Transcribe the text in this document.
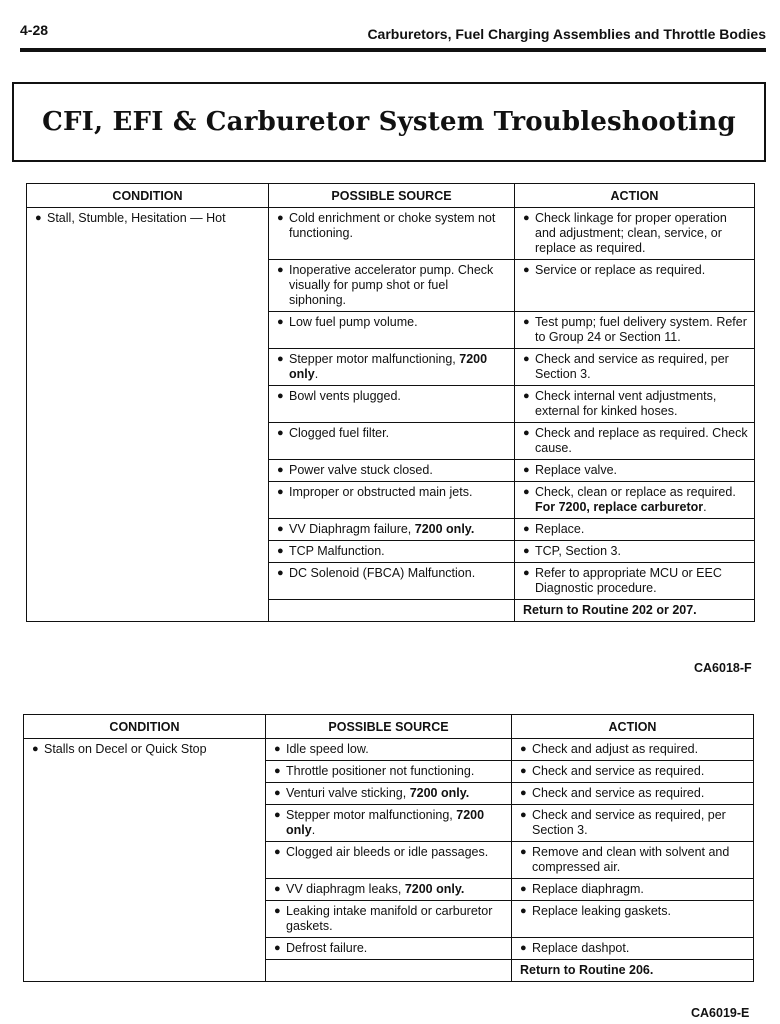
4-28	Carburetors, Fuel Charging Assemblies and Throttle Bodies
CFI, EFI & Carburetor System Troubleshooting
CONDITION	POSSIBLE SOURCE	ACTION

● Stall, Stumble, Hesitation — Hot	● Cold enrichment or choke system not functioning.	● Check linkage for proper operation and adjustment; clean, service, or replace as required.

	● Inoperative accelerator pump. Check visually for pump shot or fuel siphoning.	● Service or replace as required.

	● Low fuel pump volume.	● Test pump; fuel delivery system. Refer to Group 24 or Section 11.

	● Stepper motor malfunctioning, 7200 only.	● Check and service as required, per Section 3.

	● Bowl vents plugged.	● Check internal vent adjustments, external for kinked hoses.

	● Clogged fuel filter.	● Check and replace as required. Check cause.

	● Power valve stuck closed.	● Replace valve.

	● Improper or obstructed main jets.	● Check, clean or replace as required. For 7200, replace carburetor.

	● VV Diaphragm failure, 7200 only.	● Replace.

	● TCP Malfunction.	● TCP, Section 3.

	● DC Solenoid (FBCA) Malfunction.	● Refer to appropriate MCU or EEC Diagnostic procedure.

		Return to Routine 202 or 207.
CA6018-F
CONDITION	POSSIBLE SOURCE	ACTION

● Stalls on Decel or Quick Stop	● Idle speed low.	● Check and adjust as required.

	● Throttle positioner not functioning.	● Check and service as required.

	● Venturi valve sticking, 7200 only.	● Check and service as required.

	● Stepper motor malfunctioning, 7200 only.	● Check and service as required, per Section 3.

	● Clogged air bleeds or idle passages.	● Remove and clean with solvent and compressed air.

	● VV diaphragm leaks, 7200 only.	● Replace diaphragm.

	● Leaking intake manifold or carburetor gaskets.	● Replace leaking gaskets.

	● Defrost failure.	● Replace dashpot.

		Return to Routine 206.
CA6019-E
